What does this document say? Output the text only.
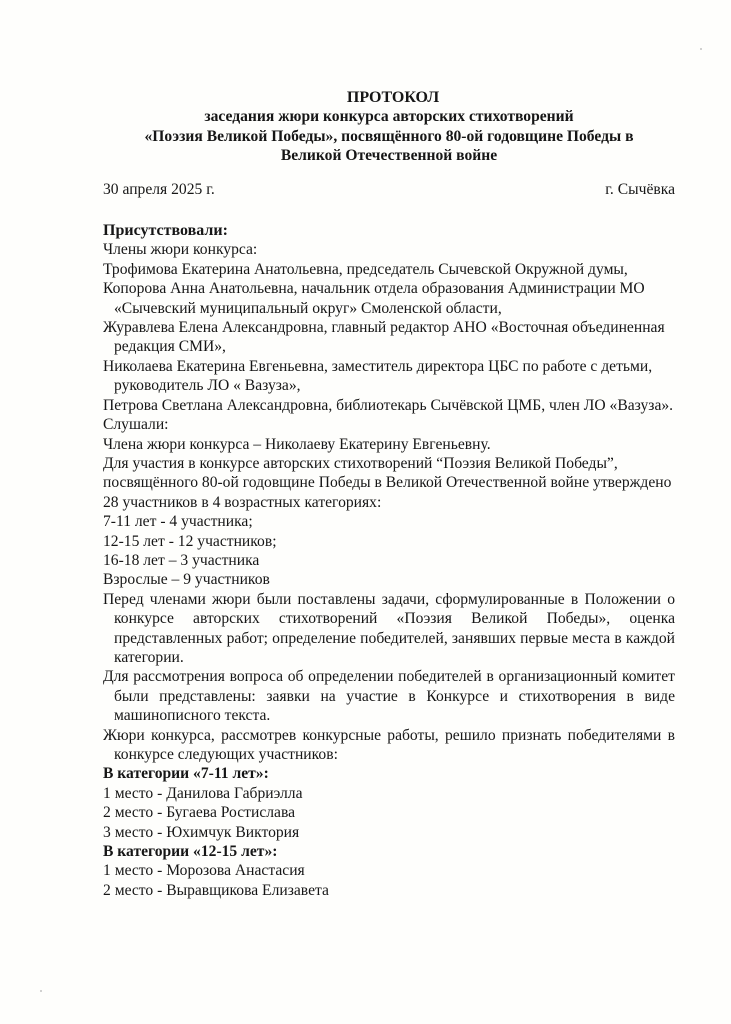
ПРОТОКОЛ
заседания жюри конкурса авторских стихотворений
«Поэзия Великой Победы», посвящённого 80-ой годовщине Победы в
Великой Отечественной войне
30 апреля 2025 г.	г. Сычёвка
Присутствовали:

Члены жюри конкурса:

Трофимова Екатерина Анатольевна, председатель Сычевской Окружной думы,

Копорова Анна Анатольевна, начальник отдела образования Администрации МО «Сычевский муниципальный округ» Смоленской области,

Журавлева Елена Александровна, главный редактор АНО «Восточная объединенная редакция СМИ»,

Николаева Екатерина Евгеньевна, заместитель директора ЦБС по работе с детьми, руководитель ЛО « Вазуза»,

Петрова Светлана Александровна, библиотекарь Сычёвской ЦМБ, член ЛО «Вазуза».

Слушали:

Члена жюри конкурса – Николаеву Екатерину Евгеньевну.

Для участия в конкурсе авторских стихотворений “Поэзия Великой Победы”, посвящённого 80-ой годовщине Победы в Великой Отечественной войне утверждено 28 участников в 4 возрастных категориях:

7-11 лет - 4 участника;

12-15 лет - 12 участников;

16-18 лет – 3 участника

Взрослые – 9 участников

Перед членами жюри были поставлены задачи, сформулированные в Положении о конкурсе авторских стихотворений «Поэзия Великой Победы», оценка представленных работ; определение победителей, занявших первые места в каждой категории.

Для рассмотрения вопроса об определении победителей в организационный комитет были представлены: заявки на участие в Конкурсе и стихотворения в виде машинописного текста.

Жюри конкурса, рассмотрев конкурсные работы, решило признать победителями в конкурсе следующих участников:

В категории «7-11 лет»:

1 место - Данилова Габриэлла

2 место - Бугаева Ростислава

3 место - Юхимчук Виктория

В категории «12-15 лет»:

1 место - Морозова Анастасия

2 место - Выравщикова Елизавета
